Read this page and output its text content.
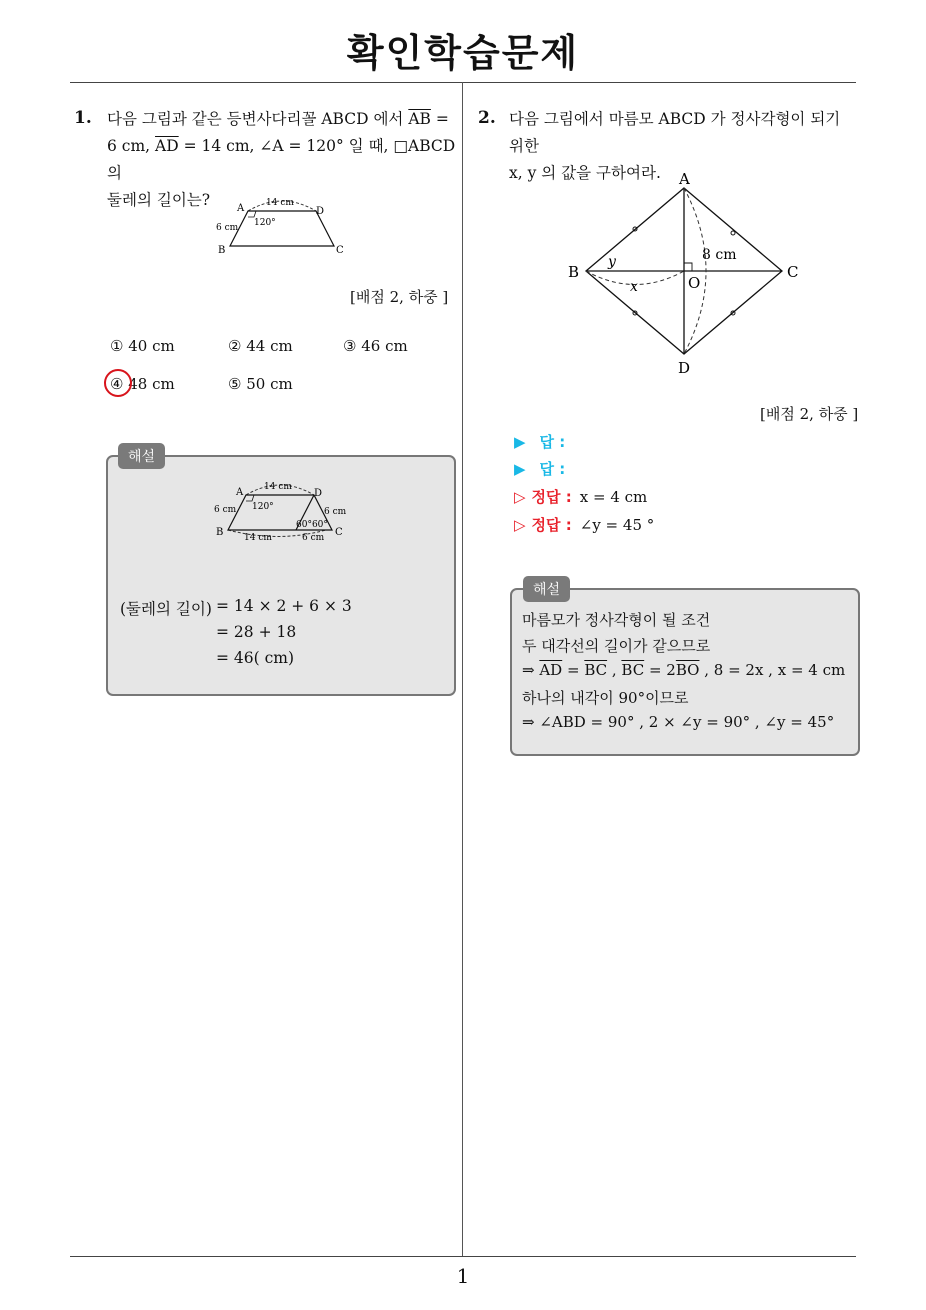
확인학습문제
1
1. 다음 그림과 같은 등변사다리꼴 ABCD 에서 $\overline{AB}$ =
6 cm, $\overline{AD} = 14$ cm, ∠A = 120° 일 때, □ABCD 의
둘레의 길이는?	14 cm
120°
6 cm
A	D
B	C
[배점 2, 하중 ]
① 40 cm	② 44 cm	③ 46 cm
④ 48 cm	⑤ 50 cm
해설
14 cm
120°
60°60°
6 cm	6 cm
14 cm	6 cm
A	D
B	C
(둘레의 길이) = 14 × 2 + 6 × 3
= 28 + 18
= 46( cm)
2. 다음 그림에서 마름모 ABCD 가 정사각형이 되기 위한
x, y 의 값을 구하여라.	A
B	C
D
O
8 cm
y
x
[배점 2, 하중 ]
▶ 답 :
▶ 답 :
▷ 정답 : x = 4 cm
▷ 정답 : ∠y = 45 °
해설
마름모가 정사각형이 될 조건
두 대각선의 길이가 같으므로
⇒ $\overline{AD} = \overline{BC}$ , $\overline{BC} = 2\overline{BO}$ , 8 = 2x , x = 4 cm
하나의 내각이 90°이므로
⇒ ∠ABD = 90° , 2 × ∠y = 90° , ∠y = 45°
